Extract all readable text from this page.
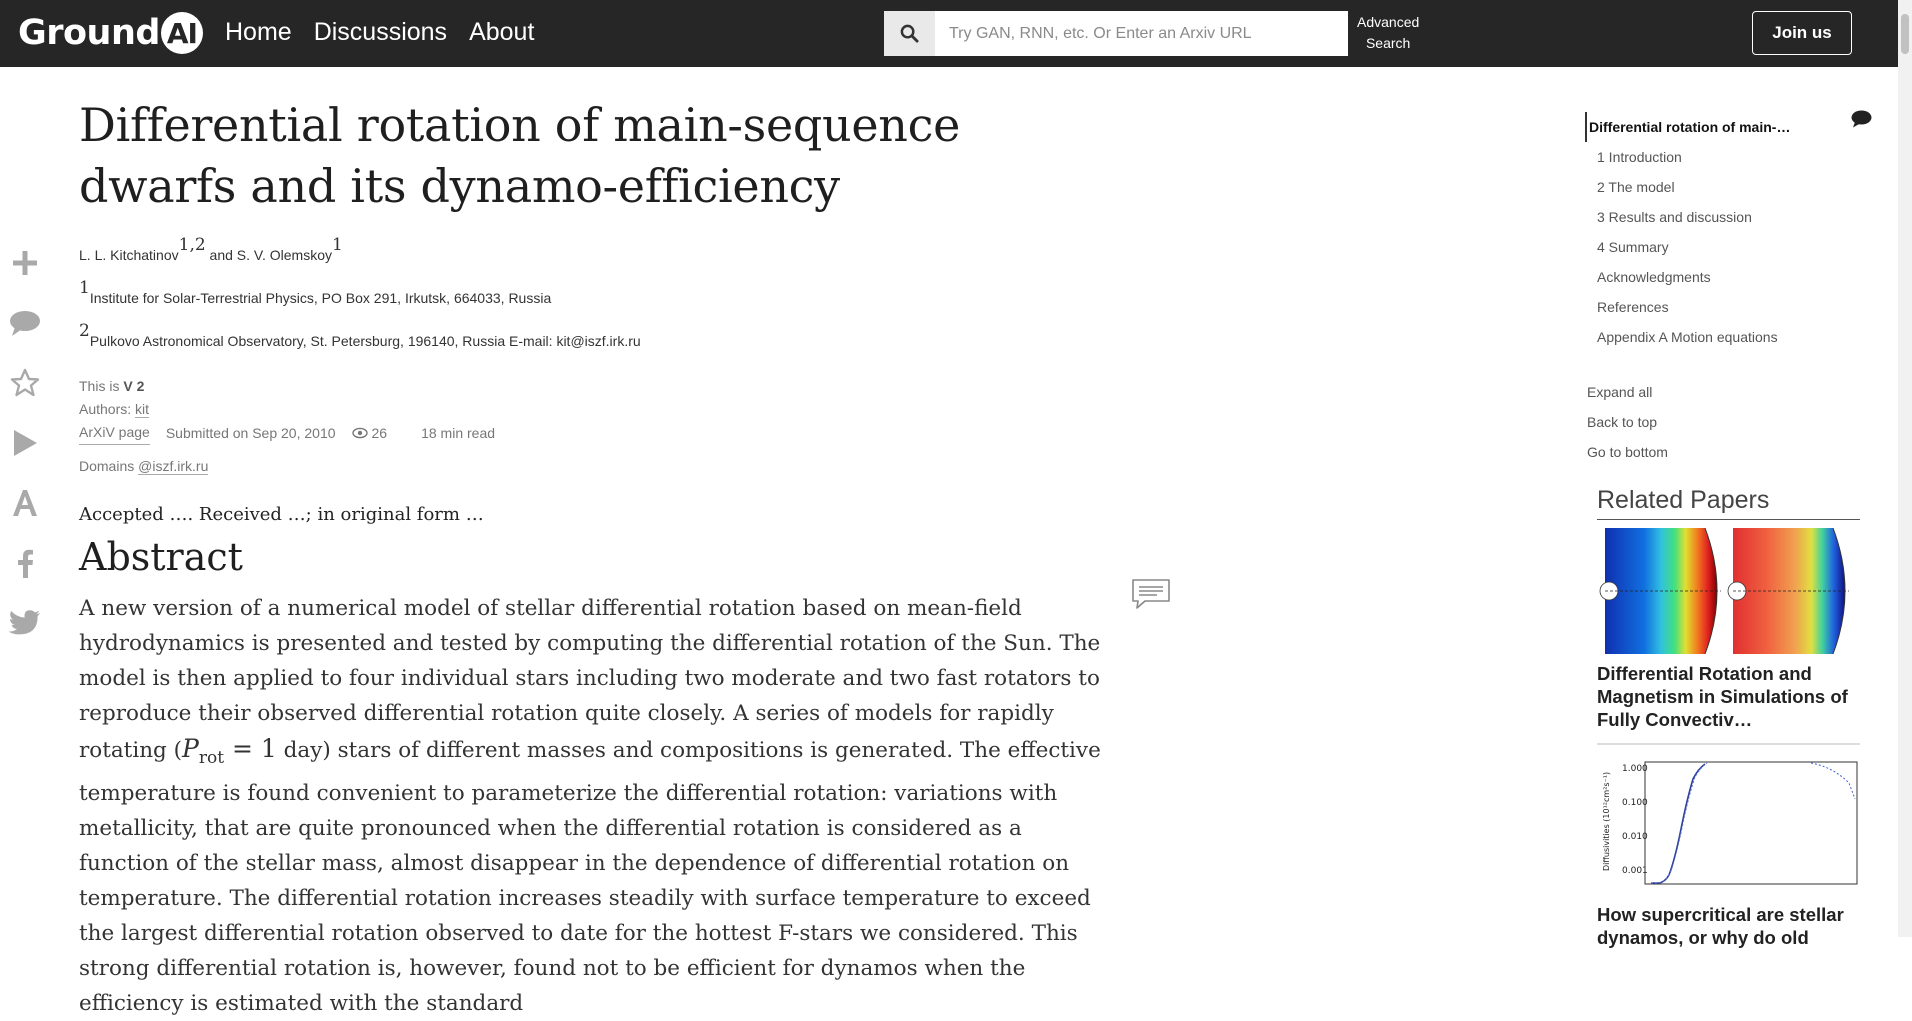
Ground AI Home Discussions About
Try GAN, RNN, etc. Or Enter an Arxiv URL	Advanced
Search
Join us
Differential rotation of main-sequence dwarfs and its dynamo-efficiency
L. L. Kitchatinov$^{1,2}$ and S. V. Olemskoy$^1$
$^1$Institute for Solar-Terrestrial Physics, PO Box 291, Irkutsk, 664033, Russia
$^2$Pulkovo Astronomical Observatory, St. Petersburg, 196140, Russia E-mail: kit@iszf.irk.ru
This is V 2
Authors: kit
ArXiV page Submitted on Sep 20, 2010	26 18 min read
Domains @iszf.irk.ru
Accepted …. Received …; in original form …
Abstract

A new version of a numerical model of stellar differential rotation based on mean-field hydrodynamics is presented and tested by computing the differential rotation of the Sun. The model is then applied to four individual stars including two moderate and two fast rotators to reproduce their observed differential rotation quite closely. A series of models for rapidly rotating ($P_{rot} = 1$ day) stars of different masses and compositions is generated. The effective temperature is found convenient to parameterize the differential rotation: variations with metallicity, that are quite pronounced when the differential rotation is considered as a function of the stellar mass, almost disappear in the dependence of differential rotation on temperature. The differential rotation increases steadily with surface temperature to exceed the largest differential rotation observed to date for the hottest F-stars we considered. This strong differential rotation is, however, found not to be efficient for dynamos when the efficiency is estimated with the standard

Differential rotation of main-…
1 Introduction
2 The model
3 Results and discussion
4 Summary
Acknowledgments
References
Appendix A Motion equations
Expand all
Back to top
Go to bottom
Related Papers
Differential Rotation and Magnetism in Simulations of Fully Convectiv…
1.000
0.100
0.010
0.001
Diffusivities (10¹²cm²s⁻¹)
How supercritical are stellar dynamos, or why do old
